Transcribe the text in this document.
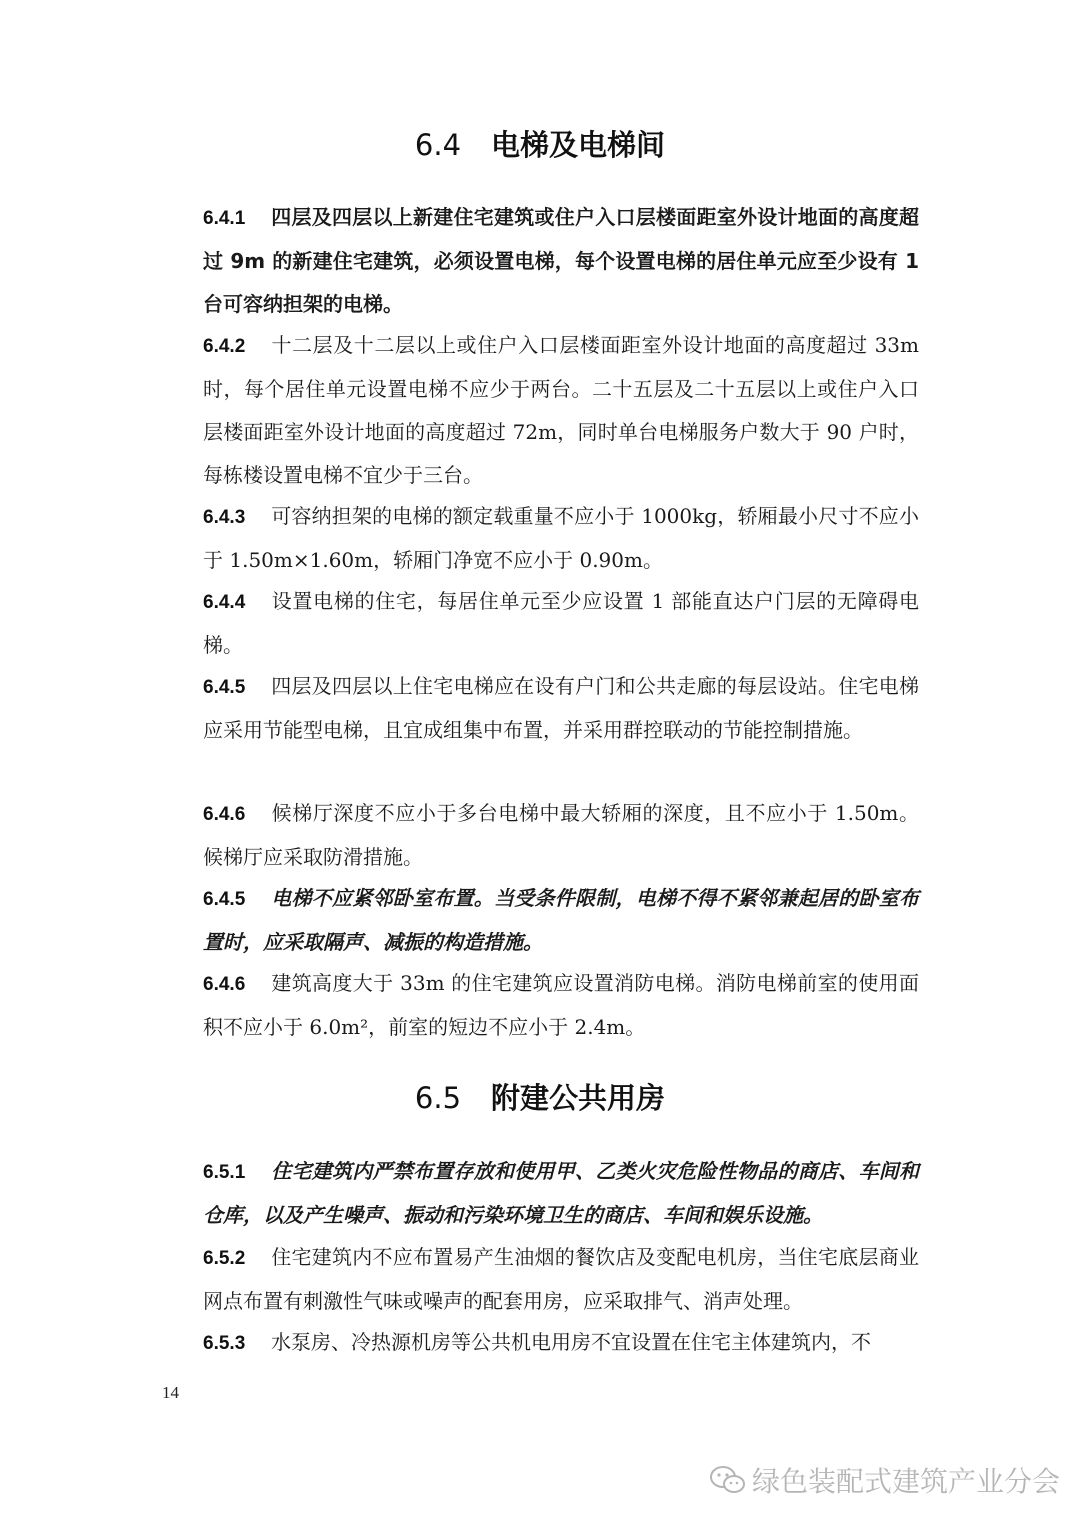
6.4 电梯及电梯间
6.4.1 四层及四层以上新建住宅建筑或住户入口层楼面距室外设计地面的高度超过 9m 的新建住宅建筑，必须设置电梯，每个设置电梯的居住单元应至少设有 1 台可容纳担架的电梯。
6.4.2 十二层及十二层以上或住户入口层楼面距室外设计地面的高度超过 33m 时，每个居住单元设置电梯不应少于两台。二十五层及二十五层以上或住户入口层楼面距室外设计地面的高度超过 72m，同时单台电梯服务户数大于 90 户时，每栋楼设置电梯不宜少于三台。
6.4.3 可容纳担架的电梯的额定载重量不应小于 1000kg，轿厢最小尺寸不应小于 1.50m×1.60m，轿厢门净宽不应小于 0.90m。
6.4.4 设置电梯的住宅，每居住单元至少应设置 1 部能直达户门层的无障碍电梯。
6.4.5 四层及四层以上住宅电梯应在设有户门和公共走廊的每层设站。住宅电梯应采用节能型电梯，且宜成组集中布置，并采用群控联动的节能控制措施。
6.4.6 候梯厅深度不应小于多台电梯中最大轿厢的深度，且不应小于 1.50m。候梯厅应采取防滑措施。
6.4.5 电梯不应紧邻卧室布置。当受条件限制，电梯不得不紧邻兼起居的卧室布置时，应采取隔声、减振的构造措施。
6.4.6 建筑高度大于 33m 的住宅建筑应设置消防电梯。消防电梯前室的使用面积不应小于 6.0m²，前室的短边不应小于 2.4m。
6.5 附建公共用房
6.5.1 住宅建筑内严禁布置存放和使用甲、乙类火灾危险性物品的商店、车间和仓库，以及产生噪声、振动和污染环境卫生的商店、车间和娱乐设施。
6.5.2 住宅建筑内不应布置易产生油烟的餐饮店及变配电机房，当住宅底层商业网点布置有刺激性气味或噪声的配套用房，应采取排气、消声处理。
6.5.3 水泵房、冷热源机房等公共机电用房不宜设置在住宅主体建筑内，不
14
绿色装配式建筑产业分会
